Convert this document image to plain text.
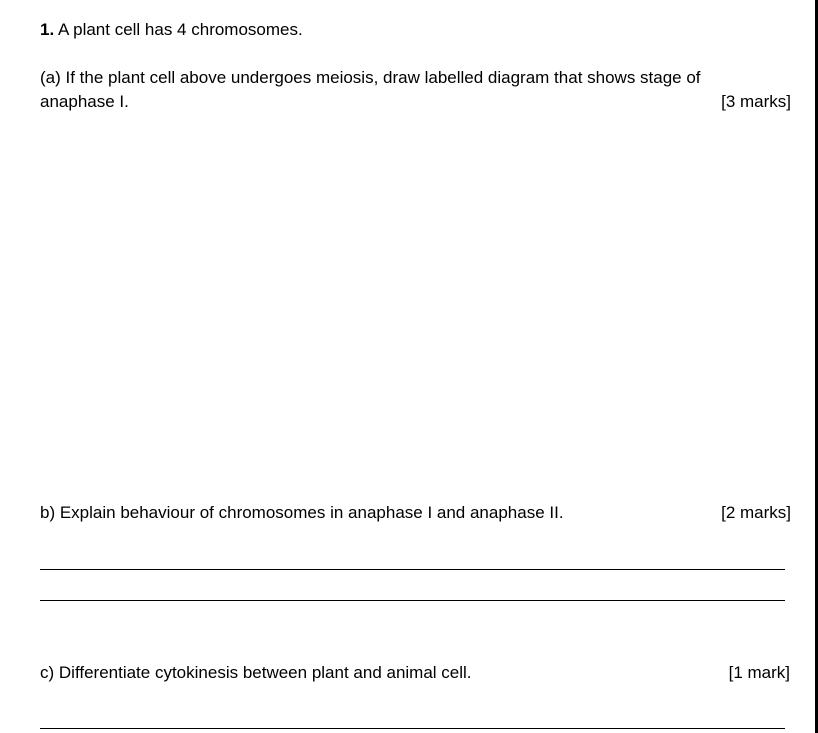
1. A plant cell has 4 chromosomes.
(a) If the plant cell above undergoes meiosis, draw labelled diagram that shows stage of
anaphase I.	[3 marks]
b) Explain behaviour of chromosomes in anaphase I and anaphase II.	[2 marks]
c) Differentiate cytokinesis between plant and animal cell.	[1 mark]
